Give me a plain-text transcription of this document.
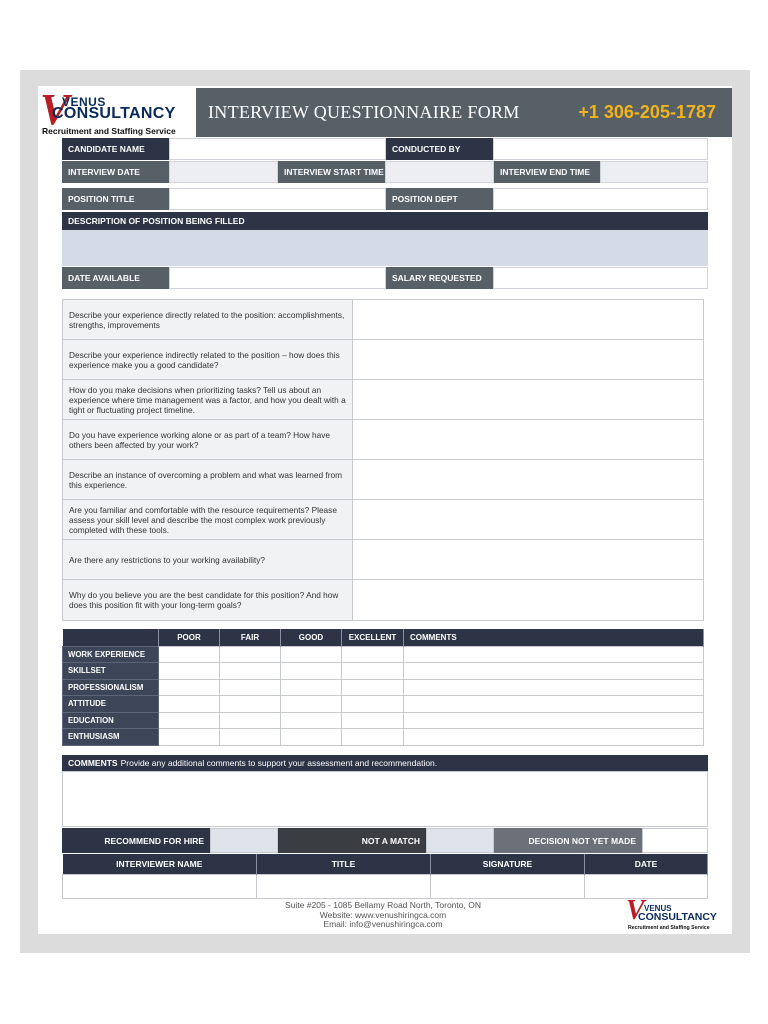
V
VENUS
CONSULTANCY
Recruitment and Staffing Service
INTERVIEW QUESTIONNAIRE FORM	+1 306-205-1787
CANDIDATE NAME	CONDUCTED BY
INTERVIEW DATE	INTERVIEW START TIME	INTERVIEW END TIME
POSITION TITLE	POSITION DEPT
DESCRIPTION OF POSITION BEING FILLED
DATE AVAILABLE	SALARY REQUESTED
Describe your experience directly related to the position: accomplishments, strengths, improvements
Describe your experience indirectly related to the position – how does this experience make you a good candidate?
How do you make decisions when prioritizing tasks? Tell us about an experience where time management was a factor, and how you dealt with a tight or fluctuating project timeline.
Do you have experience working alone or as part of a team? How have others been affected by your work?
Describe an instance of overcoming a problem and what was learned from this experience.
Are you familiar and comfortable with the resource requirements? Please assess your skill level and describe the most complex work previously completed with these tools.
Are there any restrictions to your working availability?
Why do you believe you are the best candidate for this position? And how does this position fit with your long-term goals?
	POOR	FAIR	GOOD	EXCELLENT	COMMENTS
WORK EXPERIENCE					
SKILLSET					
PROFESSIONALISM					
ATTITUDE					
EDUCATION					
ENTHUSIASM					
COMMENTS Provide any additional comments to support your assessment and recommendation.
RECOMMEND FOR HIRE	NOT A MATCH	DECISION NOT YET MADE
INTERVIEWER NAME	TITLE	SIGNATURE	DATE

Suite #205 - 1085 Bellamy Road North, Toronto, ON
Website: www.venushiringca.com
Email: info@venushiringca.com	V VENUS
CONSULTANCY
Recruitment and Staffing Service
